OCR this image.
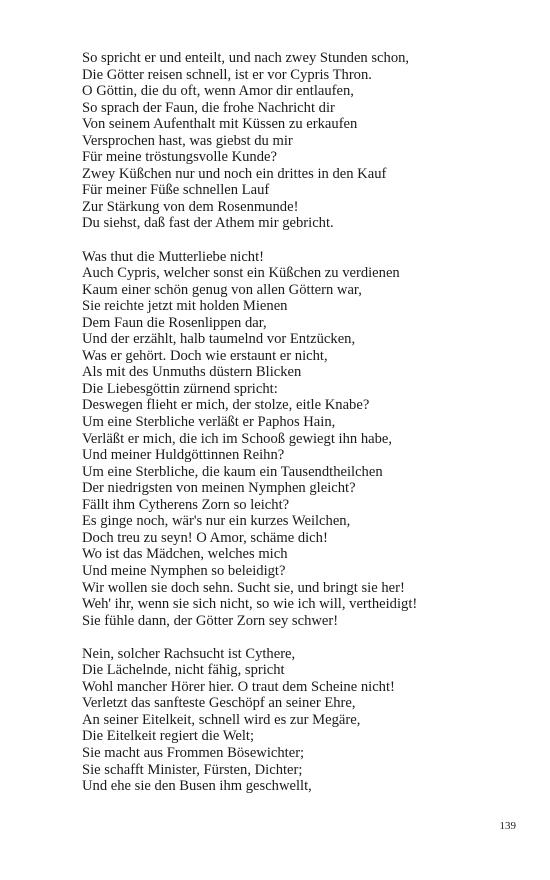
So spricht er und enteilt, und nach zwey Stunden schon,
Die Götter reisen schnell, ist er vor Cypris Thron.
O Göttin, die du oft, wenn Amor dir entlaufen,
So sprach der Faun, die frohe Nachricht dir
Von seinem Aufenthalt mit Küssen zu erkaufen
Versprochen hast, was giebst du mir
Für meine tröstungsvolle Kunde?
Zwey Küßchen nur und noch ein drittes in den Kauf
Für meiner Füße schnellen Lauf
Zur Stärkung von dem Rosenmunde!
Du siehst, daß fast der Athem mir gebricht.
Was thut die Mutterliebe nicht!
Auch Cypris, welcher sonst ein Küßchen zu verdienen
Kaum einer schön genug von allen Göttern war,
Sie reichte jetzt mit holden Mienen
Dem Faun die Rosenlippen dar,
Und der erzählt, halb taumelnd vor Entzücken,
Was er gehört. Doch wie erstaunt er nicht,
Als mit des Unmuths düstern Blicken
Die Liebesgöttin zürnend spricht:
Deswegen flieht er mich, der stolze, eitle Knabe?
Um eine Sterbliche verläßt er Paphos Hain,
Verläßt er mich, die ich im Schooß gewiegt ihn habe,
Und meiner Huldgöttinnen Reihn?
Um eine Sterbliche, die kaum ein Tausendtheilchen
Der niedrigsten von meinen Nymphen gleicht?
Fällt ihm Cytherens Zorn so leicht?
Es ginge noch, wär's nur ein kurzes Weilchen,
Doch treu zu seyn! O Amor, schäme dich!
Wo ist das Mädchen, welches mich
Und meine Nymphen so beleidigt?
Wir wollen sie doch sehn. Sucht sie, und bringt sie her!
Weh' ihr, wenn sie sich nicht, so wie ich will, vertheidigt!
Sie fühle dann, der Götter Zorn sey schwer!
Nein, solcher Rachsucht ist Cythere,
Die Lächelnde, nicht fähig, spricht
Wohl mancher Hörer hier. O traut dem Scheine nicht!
Verletzt das sanfteste Geschöpf an seiner Ehre,
An seiner Eitelkeit, schnell wird es zur Megäre,
Die Eitelkeit regiert die Welt;
Sie macht aus Frommen Bösewichter;
Sie schafft Minister, Fürsten, Dichter;
Und ehe sie den Busen ihm geschwellt,
139
